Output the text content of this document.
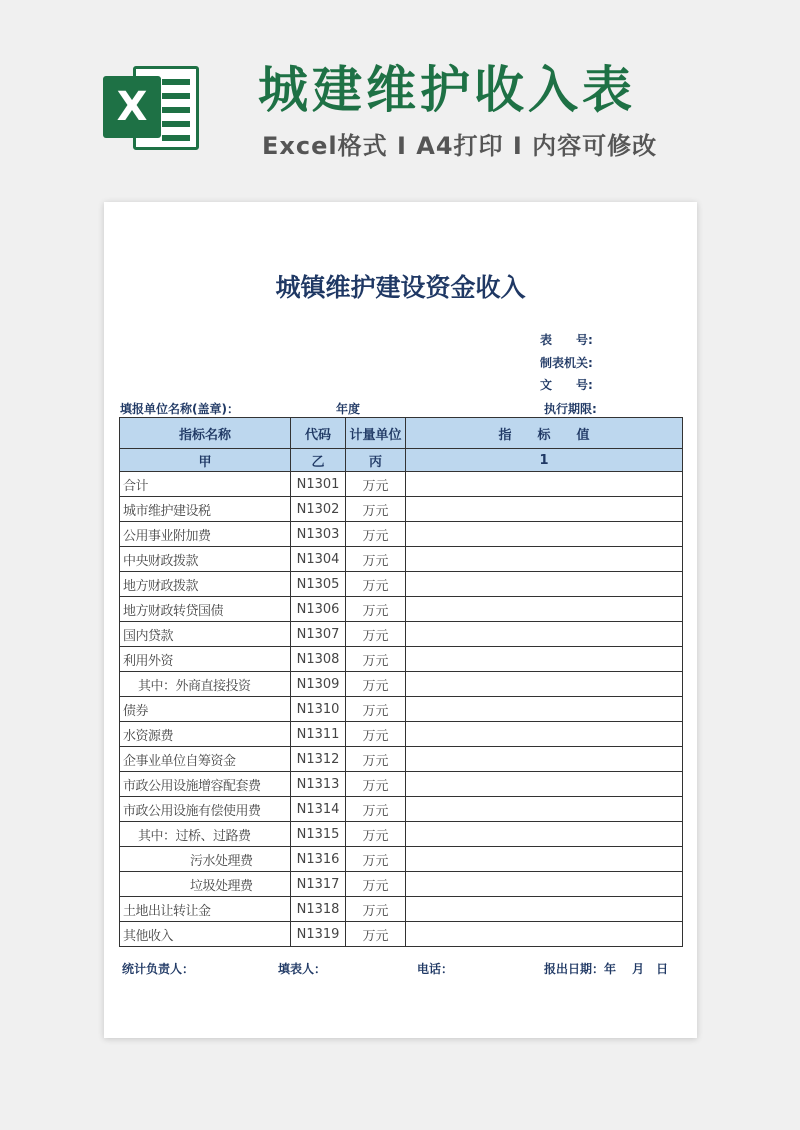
X 城建维护收入表
Excel格式 I A4打印 I 内容可修改
城镇维护建设资金收入
表　　号:
制表机关:
文　　号:
填报单位名称(盖章)：	年度	执行期限:
指标名称	代码	计量单位	指　　标　　值
甲	乙	丙	1
合计	N1301	万元	
城市维护建设税	N1302	万元	
公用事业附加费	N1303	万元	
中央财政拨款	N1304	万元	
地方财政拨款	N1305	万元	
地方财政转贷国债	N1306	万元	
国内贷款	N1307	万元	
利用外资	N1308	万元	
其中：外商直接投资	N1309	万元	
债券	N1310	万元	
水资源费	N1311	万元	
企事业单位自筹资金	N1312	万元	
市政公用设施增容配套费	N1313	万元	
市政公用设施有偿使用费	N1314	万元	
其中：过桥、过路费	N1315	万元	
污水处理费	N1316	万元	
垃圾处理费	N1317	万元	
土地出让转让金	N1318	万元	
其他收入	N1319	万元	
统计负责人：	填表人：	电话：	报出日期：年　 月　日
